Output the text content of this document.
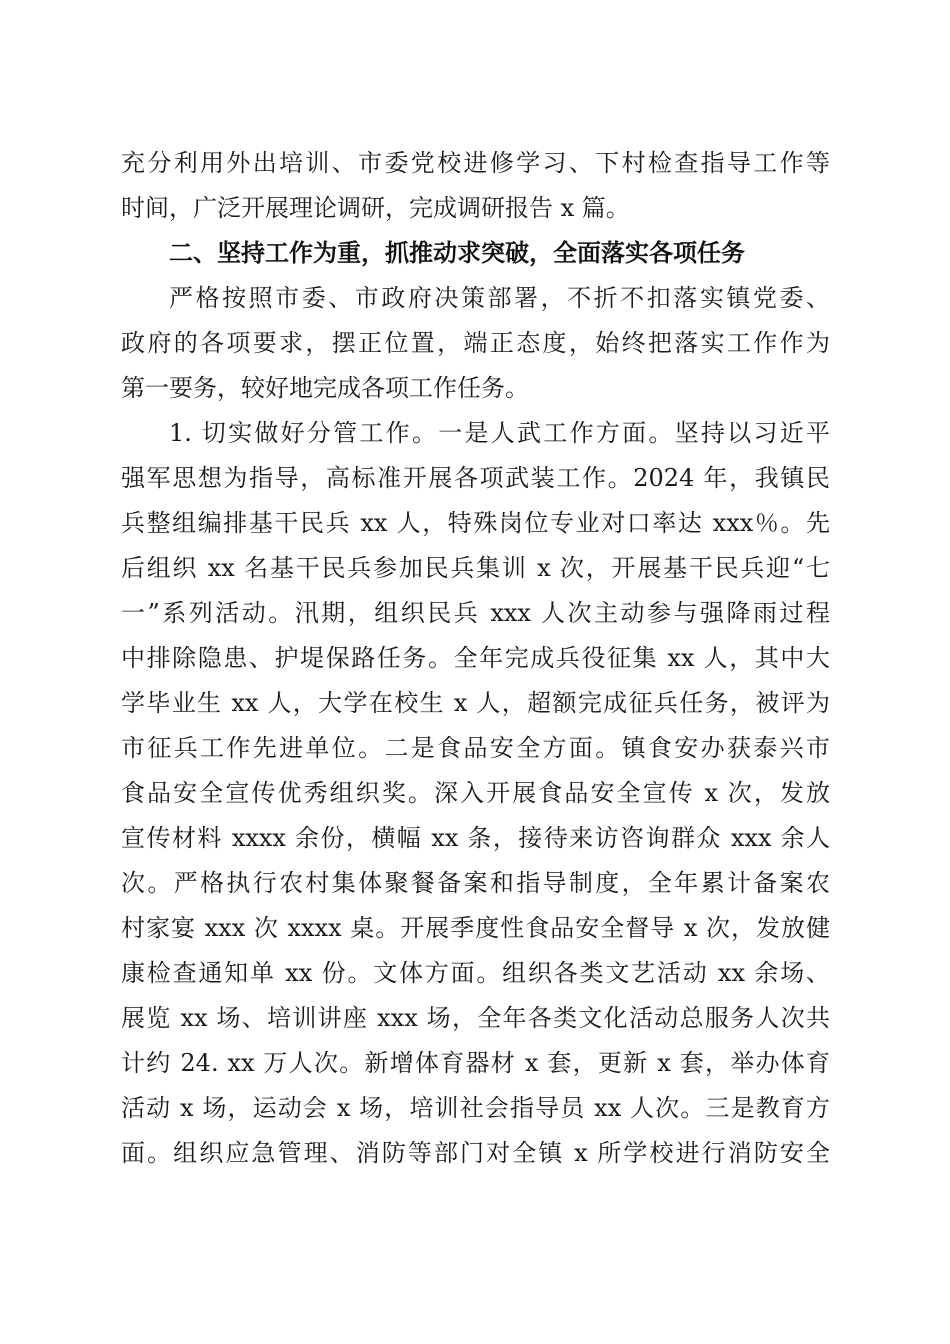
充分利用外出培训、市委党校进修学习、下村检查指导工作等
时间，广泛开展理论调研，完成调研报告 x 篇。
二、坚持工作为重，抓推动求突破，全面落实各项任务
严格按照市委、市政府决策部署，不折不扣落实镇党委、
政府的各项要求，摆正位置，端正态度，始终把落实工作作为
第一要务，较好地完成各项工作任务。
1. 切实做好分管工作。一是人武工作方面。坚持以习近平
强军思想为指导，高标准开展各项武装工作。2024 年，我镇民
兵整组编排基干民兵 xx 人，特殊岗位专业对口率达 xxx％。先
后组织 xx 名基干民兵参加民兵集训 x 次，开展基干民兵迎“七
一”系列活动。汛期，组织民兵 xxx 人次主动参与强降雨过程
中排除隐患、护堤保路任务。全年完成兵役征集 xx 人，其中大
学毕业生 xx 人，大学在校生 x 人，超额完成征兵任务，被评为
市征兵工作先进单位。二是食品安全方面。镇食安办获泰兴市
食品安全宣传优秀组织奖。深入开展食品安全宣传 x 次，发放
宣传材料 xxxx 余份，横幅 xx 条，接待来访咨询群众 xxx 余人
次。严格执行农村集体聚餐备案和指导制度，全年累计备案农
村家宴 xxx 次 xxxx 桌。开展季度性食品安全督导 x 次，发放健
康检查通知单 xx 份。文体方面。组织各类文艺活动 xx 余场、
展览 xx 场、培训讲座 xxx 场，全年各类文化活动总服务人次共
计约 24. xx 万人次。新增体育器材 x 套，更新 x 套，举办体育
活动 x 场，运动会 x 场，培训社会指导员 xx 人次。三是教育方
面。组织应急管理、消防等部门对全镇 x 所学校进行消防安全
